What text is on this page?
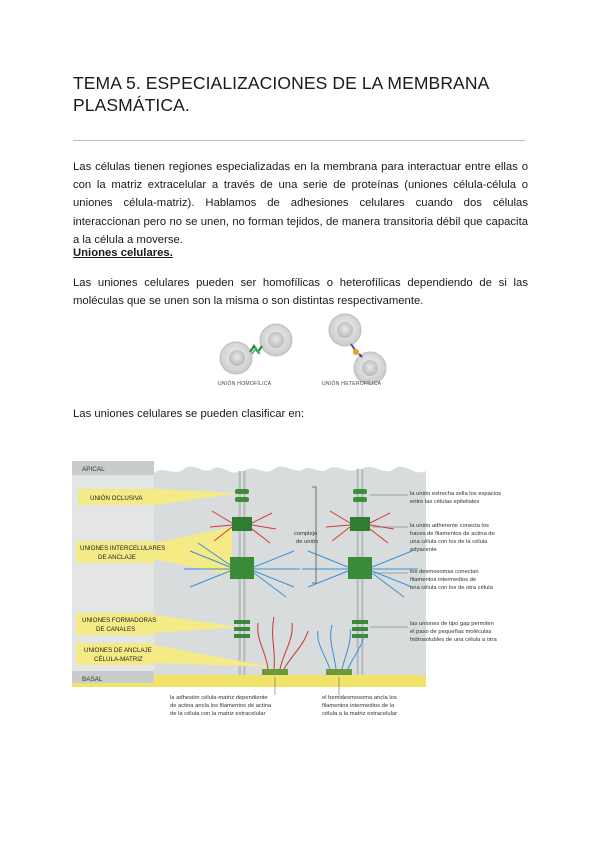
TEMA 5. ESPECIALIZACIONES DE LA MEMBRANA PLASMÁTICA.
Las células tienen regiones especializadas en la membrana para interactuar entre ellas o con la matriz extracelular a través de una serie de proteínas (uniones célula-célula o uniones célula-matriz). Hablamos de adhesiones celulares cuando dos células interaccionan pero no se unen, no forman tejidos, de manera transitoria débil que capacita a la célula a moverse.
Uniones celulares.
Las uniones celulares pueden ser homofílicas o heterofílicas dependiendo de si las moléculas que se unen son la misma o son distintas respectivamente.
UNIÓN HOMOFÍLICA	UNIÓN HETEROFÍLICA
Las uniones celulares se pueden clasificar en:
APICAL
BASAL
UNIÓN OCLUSIVA
UNIONES INTERCELULARES
DE ANCLAJE
UNIONES FORMADORAS
DE CANALES
UNIONES DE ANCLAJE
CÉLULA-MATRIZ
complejo
de unión
la unión estrecha sella los espacios
entre las células epiteliales
la unión adherente conecta los
haces de filamentos de actina de
una célula con los de la célula
adyacente
los desmosomas conectan
filamentos intermedios de
una célula con los de otra célula
las uniones de tipo gap permiten
el paso de pequeñas moléculas
hidrosolubles de una célula a otra
la adhesión célula-matriz dependiente
de actina ancla los filamentos de actina
de la célula con la matriz extracelular
el hemidesmosoma ancla los
filamentos intermedios de la
célula a la matriz extracelular
